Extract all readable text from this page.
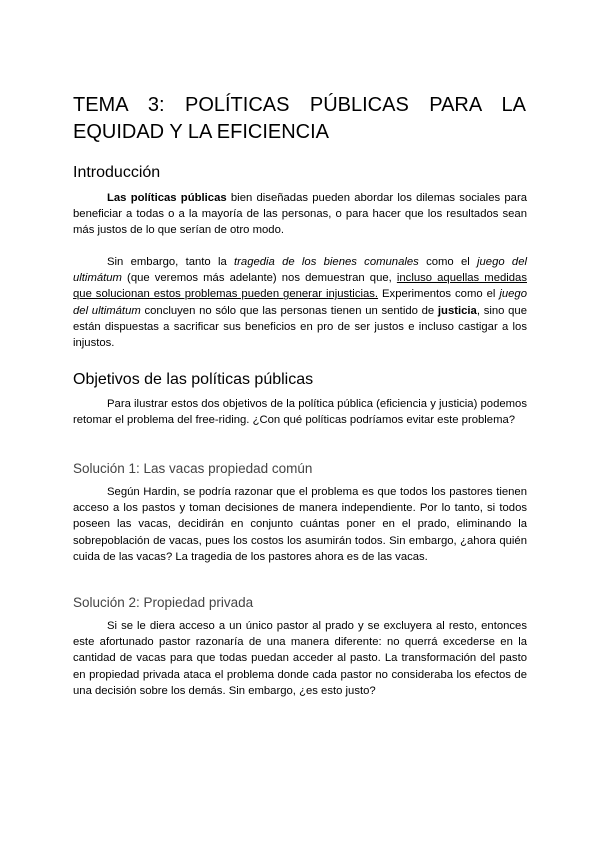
TEMA 3: POLÍTICAS PÚBLICAS PARA LA
EQUIDAD Y LA EFICIENCIA
Introducción

Las políticas públicas bien diseñadas pueden abordar los dilemas sociales para beneficiar a todas o a la mayoría de las personas, o para hacer que los resultados sean más justos de lo que serían de otro modo.

Sin embargo, tanto la tragedia de los bienes comunales como el juego del ultimátum (que veremos más adelante) nos demuestran que, incluso aquellas medidas que solucionan estos problemas pueden generar injusticias. Experimentos como el juego del ultimátum concluyen no sólo que las personas tienen un sentido de justicia, sino que están dispuestas a sacrificar sus beneficios en pro de ser justos e incluso castigar a los injustos.

Objetivos de las políticas públicas

Para ilustrar estos dos objetivos de la política pública (eficiencia y justicia) podemos retomar el problema del free-riding. ¿Con qué políticas podríamos evitar este problema?

Solución 1: Las vacas propiedad común

Según Hardin, se podría razonar que el problema es que todos los pastores tienen acceso a los pastos y toman decisiones de manera independiente. Por lo tanto, si todos poseen las vacas, decidirán en conjunto cuántas poner en el prado, eliminando la sobrepoblación de vacas, pues los costos los asumirán todos. Sin embargo, ¿ahora quién cuida de las vacas? La tragedia de los pastores ahora es de las vacas.

Solución 2: Propiedad privada

Si se le diera acceso a un único pastor al prado y se excluyera al resto, entonces este afortunado pastor razonaría de una manera diferente: no querrá excederse en la cantidad de vacas para que todas puedan acceder al pasto. La transformación del pasto en propiedad privada ataca el problema donde cada pastor no consideraba los efectos de una decisión sobre los demás. Sin embargo, ¿es esto justo?
